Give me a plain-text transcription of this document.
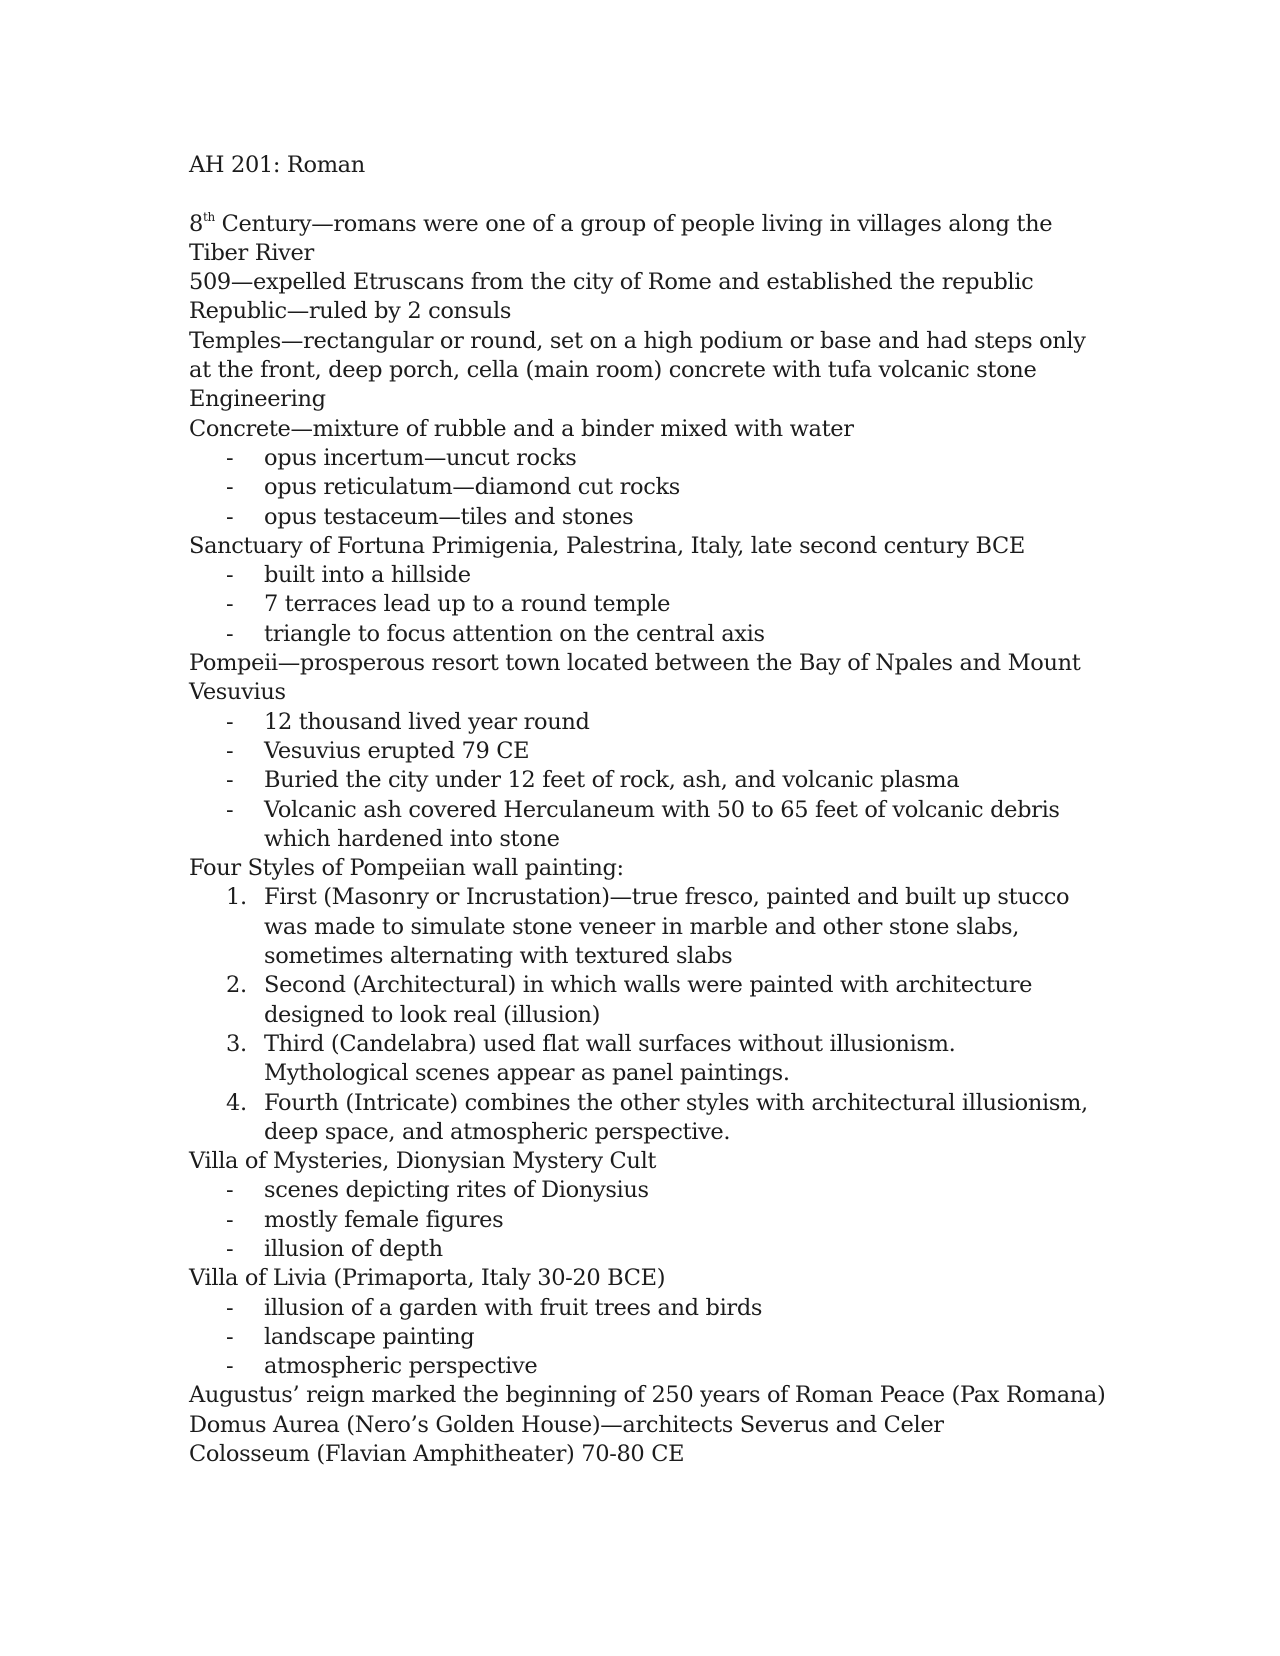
AH 201: Roman

8th Century—romans were one of a group of people living in villages along the Tiber River

509—expelled Etruscans from the city of Rome and established the republic

Republic—ruled by 2 consuls

Temples—rectangular or round, set on a high podium or base and had steps only at the front, deep porch, cella (main room) concrete with tufa volcanic stone

Engineering

Concrete—mixture of rubble and a binder mixed with water

- opus incertum—uncut rocks
- opus reticulatum—diamond cut rocks
- opus testaceum—tiles and stones

Sanctuary of Fortuna Primigenia, Palestrina, Italy, late second century BCE

- built into a hillside
- 7 terraces lead up to a round temple
- triangle to focus attention on the central axis

Pompeii—prosperous resort town located between the Bay of Npales and Mount Vesuvius

- 12 thousand lived year round
- Vesuvius erupted 79 CE
- Buried the city under 12 feet of rock, ash, and volcanic plasma
- Volcanic ash covered Herculaneum with 50 to 65 feet of volcanic debris which hardened into stone

Four Styles of Pompeiian wall painting:

1. First (Masonry or Incrustation)—true fresco, painted and built up stucco was made to simulate stone veneer in marble and other stone slabs, sometimes alternating with textured slabs
2. Second (Architectural) in which walls were painted with architecture designed to look real (illusion)
3. Third (Candelabra) used flat wall surfaces without illusionism. Mythological scenes appear as panel paintings.
4. Fourth (Intricate) combines the other styles with architectural illusionism, deep space, and atmospheric perspective.

Villa of Mysteries, Dionysian Mystery Cult

- scenes depicting rites of Dionysius
- mostly female figures
- illusion of depth

Villa of Livia (Primaporta, Italy 30-20 BCE)

- illusion of a garden with fruit trees and birds
- landscape painting
- atmospheric perspective

Augustus’ reign marked the beginning of 250 years of Roman Peace (Pax Romana)

Domus Aurea (Nero’s Golden House)—architects Severus and Celer

Colosseum (Flavian Amphitheater) 70-80 CE
